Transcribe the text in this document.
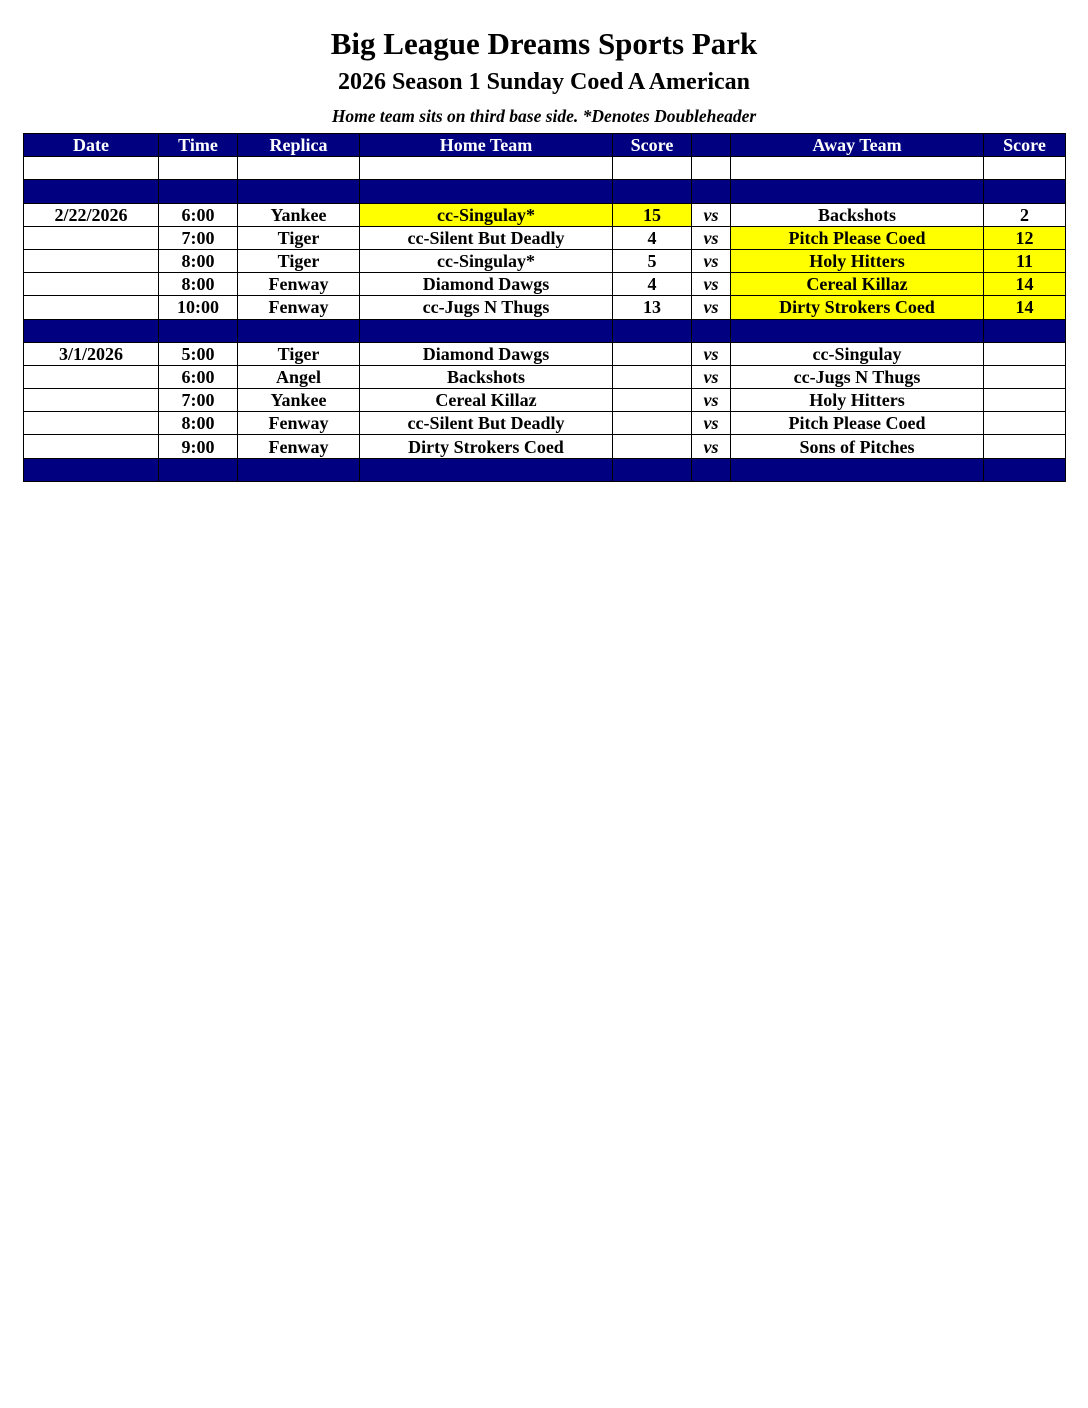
Big League Dreams Sports Park
2026 Season 1 Sunday Coed A American
Home team sits on third base side. *Denotes Doubleheader
Date	Time	Replica	Home Team	Score		Away Team	Score

2/22/2026	6:00	Yankee	cc-Singulay*	15	vs	Backshots	2
	7:00	Tiger	cc-Silent But Deadly	4	vs	Pitch Please Coed	12
	8:00	Tiger	cc-Singulay*	5	vs	Holy Hitters	11
	8:00	Fenway	Diamond Dawgs	4	vs	Cereal Killaz	14
	10:00	Fenway	cc-Jugs N Thugs	13	vs	Dirty Strokers Coed	14

3/1/2026	5:00	Tiger	Diamond Dawgs		vs	cc-Singulay	
	6:00	Angel	Backshots		vs	cc-Jugs N Thugs	
	7:00	Yankee	Cereal Killaz		vs	Holy Hitters	
	8:00	Fenway	cc-Silent But Deadly		vs	Pitch Please Coed	
	9:00	Fenway	Dirty Strokers Coed		vs	Sons of Pitches	
